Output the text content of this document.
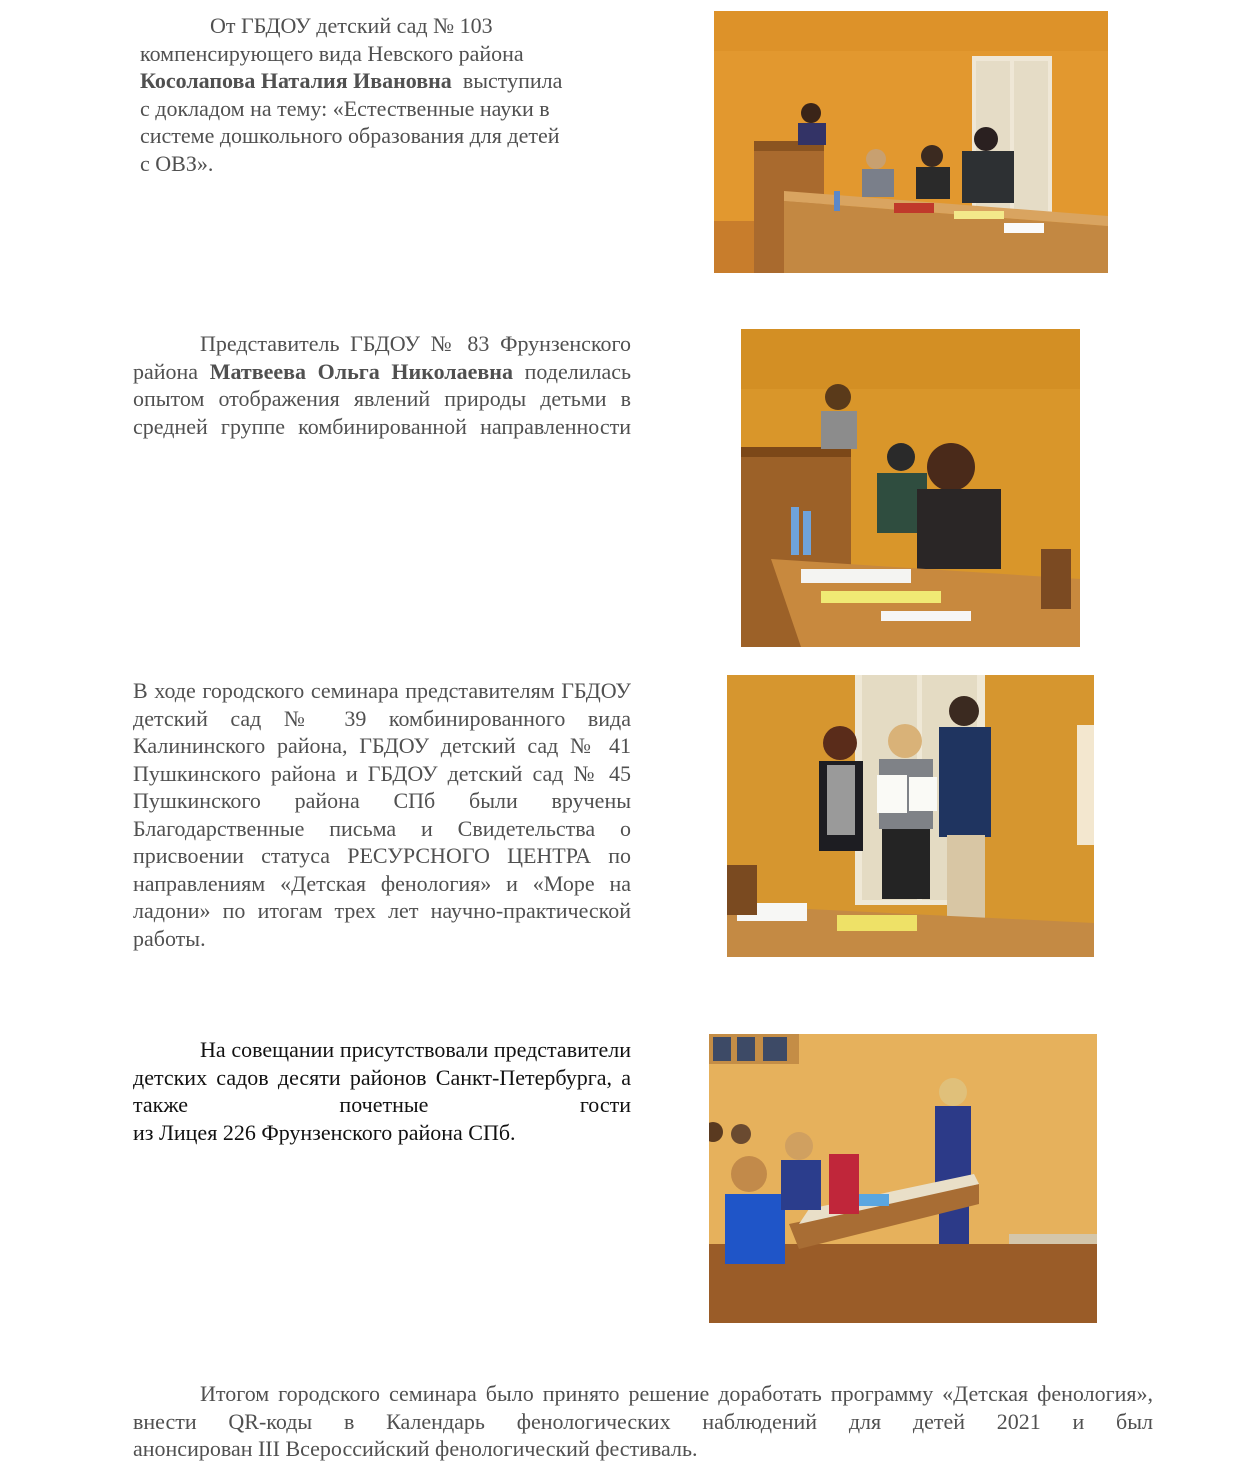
От ГБДОУ детский сад № 103
компенсирующего вида Невского района
Косолапова Наталия Ивановна выступила
с докладом на тему: «Естественные науки в
системе дошкольного образования для детей
с ОВЗ».
Представитель ГБДОУ № 83 Фрунзенского района Матвеева Ольга Николаевна поделилась опытом отображения явлений природы детьми в средней группе комбинированной направленности
В ходе городского семинара представителям ГБДОУ детский сад № 39 комбинированного вида Калининского района, ГБДОУ детский сад № 41 Пушкинского района и ГБДОУ детский сад № 45 Пушкинского района СПб были вручены Благодарственные письма и Свидетельства о присвоении статуса РЕСУРСНОГО ЦЕНТРА по направлениям «Детская фенология» и «Море на ладони» по итогам трех лет научно-практической
работы.
На совещании присутствовали представители детских садов десяти районов Санкт-Петербурга, а также почетные гости
из Лицея 226 Фрунзенского района СПб.
Итогом городского семинара было принято решение доработать программу «Детская фенология», внести QR-коды в Календарь фенологических наблюдений для детей 2021 и был
анонсирован III Всероссийский фенологический фестиваль.
